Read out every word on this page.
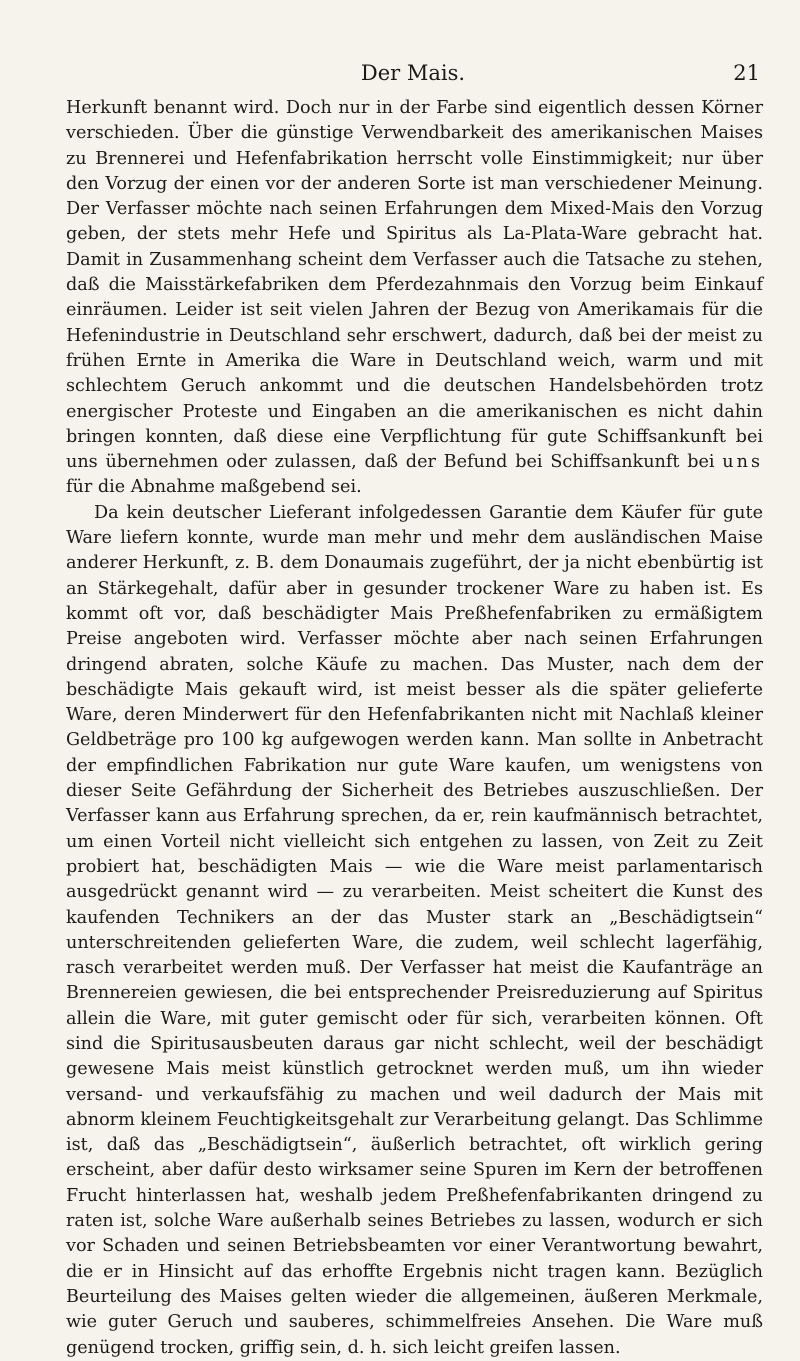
Der Mais.	21

Herkunft benannt wird. Doch nur in der Farbe sind eigentlich dessen Körner verschieden. Über die günstige Verwendbarkeit des amerikanischen Maises zu Brennerei und Hefenfabrikation herrscht volle Einstimmigkeit; nur über den Vorzug der einen vor der anderen Sorte ist man verschiedener Meinung. Der Verfasser möchte nach seinen Erfahrungen dem Mixed-Mais den Vorzug geben, der stets mehr Hefe und Spiritus als La-Plata-Ware gebracht hat. Damit in Zusammenhang scheint dem Verfasser auch die Tatsache zu stehen, daß die Maisstärkefabriken dem Pferdezahnmais den Vorzug beim Einkauf einräumen. Leider ist seit vielen Jahren der Bezug von Amerikamais für die Hefenindustrie in Deutschland sehr erschwert, dadurch, daß bei der meist zu frühen Ernte in Amerika die Ware in Deutschland weich, warm und mit schlechtem Geruch ankommt und die deutschen Handelsbehörden trotz energischer Proteste und Eingaben an die amerikanischen es nicht dahin bringen konnten, daß diese eine Verpflichtung für gute Schiffsankunft bei uns übernehmen oder zulassen, daß der Befund bei Schiffsankunft bei uns für die Abnahme maßgebend sei.

Da kein deutscher Lieferant infolgedessen Garantie dem Käufer für gute Ware liefern konnte, wurde man mehr und mehr dem ausländischen Maise anderer Herkunft, z. B. dem Donaumais zugeführt, der ja nicht ebenbürtig ist an Stärkegehalt, dafür aber in gesunder trockener Ware zu haben ist. Es kommt oft vor, daß beschädigter Mais Preßhefenfabriken zu ermäßigtem Preise angeboten wird. Verfasser möchte aber nach seinen Erfahrungen dringend abraten, solche Käufe zu machen. Das Muster, nach dem der beschädigte Mais gekauft wird, ist meist besser als die später gelieferte Ware, deren Minderwert für den Hefenfabrikanten nicht mit Nachlaß kleiner Geldbeträge pro 100 kg aufgewogen werden kann. Man sollte in Anbetracht der empfindlichen Fabrikation nur gute Ware kaufen, um wenigstens von dieser Seite Gefährdung der Sicherheit des Betriebes auszuschließen. Der Verfasser kann aus Erfahrung sprechen, da er, rein kaufmännisch betrachtet, um einen Vorteil nicht vielleicht sich entgehen zu lassen, von Zeit zu Zeit probiert hat, beschädigten Mais — wie die Ware meist parlamentarisch ausgedrückt genannt wird — zu verarbeiten. Meist scheitert die Kunst des kaufenden Technikers an der das Muster stark an „Beschädigtsein“ unterschreitenden gelieferten Ware, die zudem, weil schlecht lagerfähig, rasch verarbeitet werden muß. Der Verfasser hat meist die Kaufanträge an Brennereien gewiesen, die bei entsprechender Preisreduzierung auf Spiritus allein die Ware, mit guter gemischt oder für sich, verarbeiten können. Oft sind die Spiritusausbeuten daraus gar nicht schlecht, weil der beschädigt gewesene Mais meist künstlich getrocknet werden muß, um ihn wieder versand- und verkaufsfähig zu machen und weil dadurch der Mais mit abnorm kleinem Feuchtigkeitsgehalt zur Verarbeitung gelangt. Das Schlimme ist, daß das „Beschädigtsein“, äußerlich betrachtet, oft wirklich gering erscheint, aber dafür desto wirksamer seine Spuren im Kern der betroffenen Frucht hinterlassen hat, weshalb jedem Preßhefenfabrikanten dringend zu raten ist, solche Ware außerhalb seines Betriebes zu lassen, wodurch er sich vor Schaden und seinen Betriebsbeamten vor einer Verantwortung bewahrt, die er in Hinsicht auf das erhoffte Ergebnis nicht tragen kann. Bezüglich Beurteilung des Maises gelten wieder die allgemeinen, äußeren Merkmale, wie guter Geruch und sauberes, schimmelfreies Ansehen. Die Ware muß genügend trocken, griffig sein, d. h. sich leicht greifen lassen.
